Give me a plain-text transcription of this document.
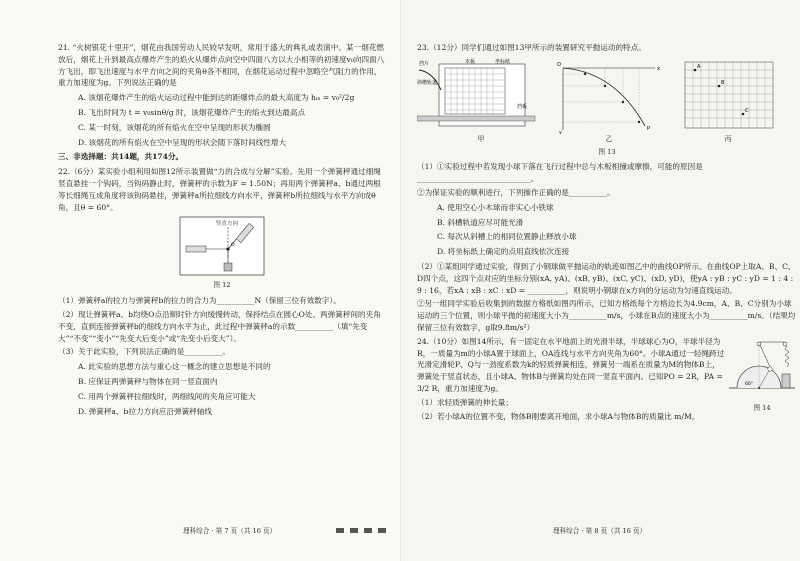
21. “火树银花十里开”，烟花由我国劳动人民较早发明，常用于盛大的典礼或表演中。某一烟花燃放后，烟花上升到最高点爆炸产生的焰火从爆炸点向空中四面八方以大小相等的初速度v₀向四面八方飞出，即飞出速度与水平方向之间的夹角θ各不相同，在烟花运动过程中忽略空气阻力的作用，重力加速度为g。下列说法正确的是

A. 该烟花爆炸产生的焰火运动过程中能到达的距爆炸点的最大高度为 hₘ = v₀²/2g

B. 飞出时间为 t = v₀sinθ/g 时，该烟花爆炸产生的焰火到达最高点

C. 某一时刻，该烟花的所有焰火在空中呈现的形状为椭圆

D. 该烟花的所有焰火在空中呈现的形状会随下落时间线性增大

三、非选择题：共14题，共174分。

22.（6分）某实验小组利用如图12所示装置做“力的合成与分解”实验。先用一个弹簧秤通过细绳竖直悬挂一个钩码，当钩码静止时，弹簧秤的示数为F = 1.50N；再用两个弹簧秤a、b通过两根等长细绳互成角度将该钩码悬挂，弹簧秤a所拉细线方向水平，弹簧秤b所拉细线与水平方向成θ角，且θ = 60°。

竖直方向
O

图 12

（1）弹簧秤a的拉力与弹簧秤b的拉力的合力为__________N（保留三位有效数字）。

（2）现让弹簧秤a、b均绕O点沿顺时针方向缓慢转动，保持结点在圆心O处、两弹簧秤间的夹角不变，直到连接弹簧秤b的细线方向水平为止，此过程中弹簧秤a的示数__________（填“先变大”“不变”“变小”“先变大后变小”或“先变小后变大”）。

（3）关于此实验，下列说法正确的是__________。

A. 此实验的思想方法与重心这一概念的建立思想是不同的

B. 应保证两弹簧秤与物体在同一竖直面内

C. 用两个弹簧秤拉细线时，两细线间的夹角应可能大

D. 弹簧秤a、b拉力方向应沿弹簧秤轴线

理科综合 · 第 7 页（共 16 页）

23.（12分）同学们通过如图13甲所示的装置研究平抛运动的特点。

挡片	木板	坐标纸
斜槽轨道
挡板
O
x
y
P
A
B
C
甲	乙	丙

图 13

（1）①实验过程中若发现小球下落在飞行过程中总与木板相撞或摩擦，可能的原因是______________________________。

②为保证实验的顺利进行，下列操作正确的是__________。

A. 使用空心小木球而非实心小铁球

B. 斜槽轨道应尽可能光滑

C. 每次从斜槽上的相同位置静止释放小球

D. 将坐标纸上确定的点用直线依次连接

（2）①某组同学通过实验，得到了小钢球做平抛运动的轨迹如图乙中的曲线OP所示。在曲线OP上取A、B、C、D四个点，这四个点对应的坐标分别(xA, yA)、(xB, yB)、(xC, yC)、(xD, yD)，使yA : yB : yC : yD = 1 : 4 : 9 : 16，若xA : xB : xC : xD = __________，则说明小钢球在x方向的分运动为匀速直线运动。

②另一组同学实验后收集到的数据方格纸如图丙所示，已知方格纸每个方格边长为4.9cm，A、B、C分别为小球运动的三个位置，则小球平抛的初速度大小为__________m/s，小球在B点的速度大小为__________m/s。（结果均保留三位有效数字，g取9.8m/s²）

24.（10分）如图14所示，有一固定在水平地面上的光滑半球，半球球心为O，半球半径为R，一质量为m的小球A置于球面上，OA连线与水平方向夹角为60°。小球A通过一轻绳跨过光滑定滑轮P、Q与一劲度系数为k的轻质弹簧相连，弹簧另一端系在质量为M的物体B上，弹簧处于竖直状态，且小球A、物体B与弹簧均处在同一竖直平面内。已知PO = 2R，PA = 3/2 R，重力加速度为g。

（1）求轻质弹簧的伸长量；

（2）若小球A的位置不变，物体B刚要离开地面，求小球A与物体B的质量比 m/M。

60°

图 14

理科综合 · 第 8 页（共 16 页）
